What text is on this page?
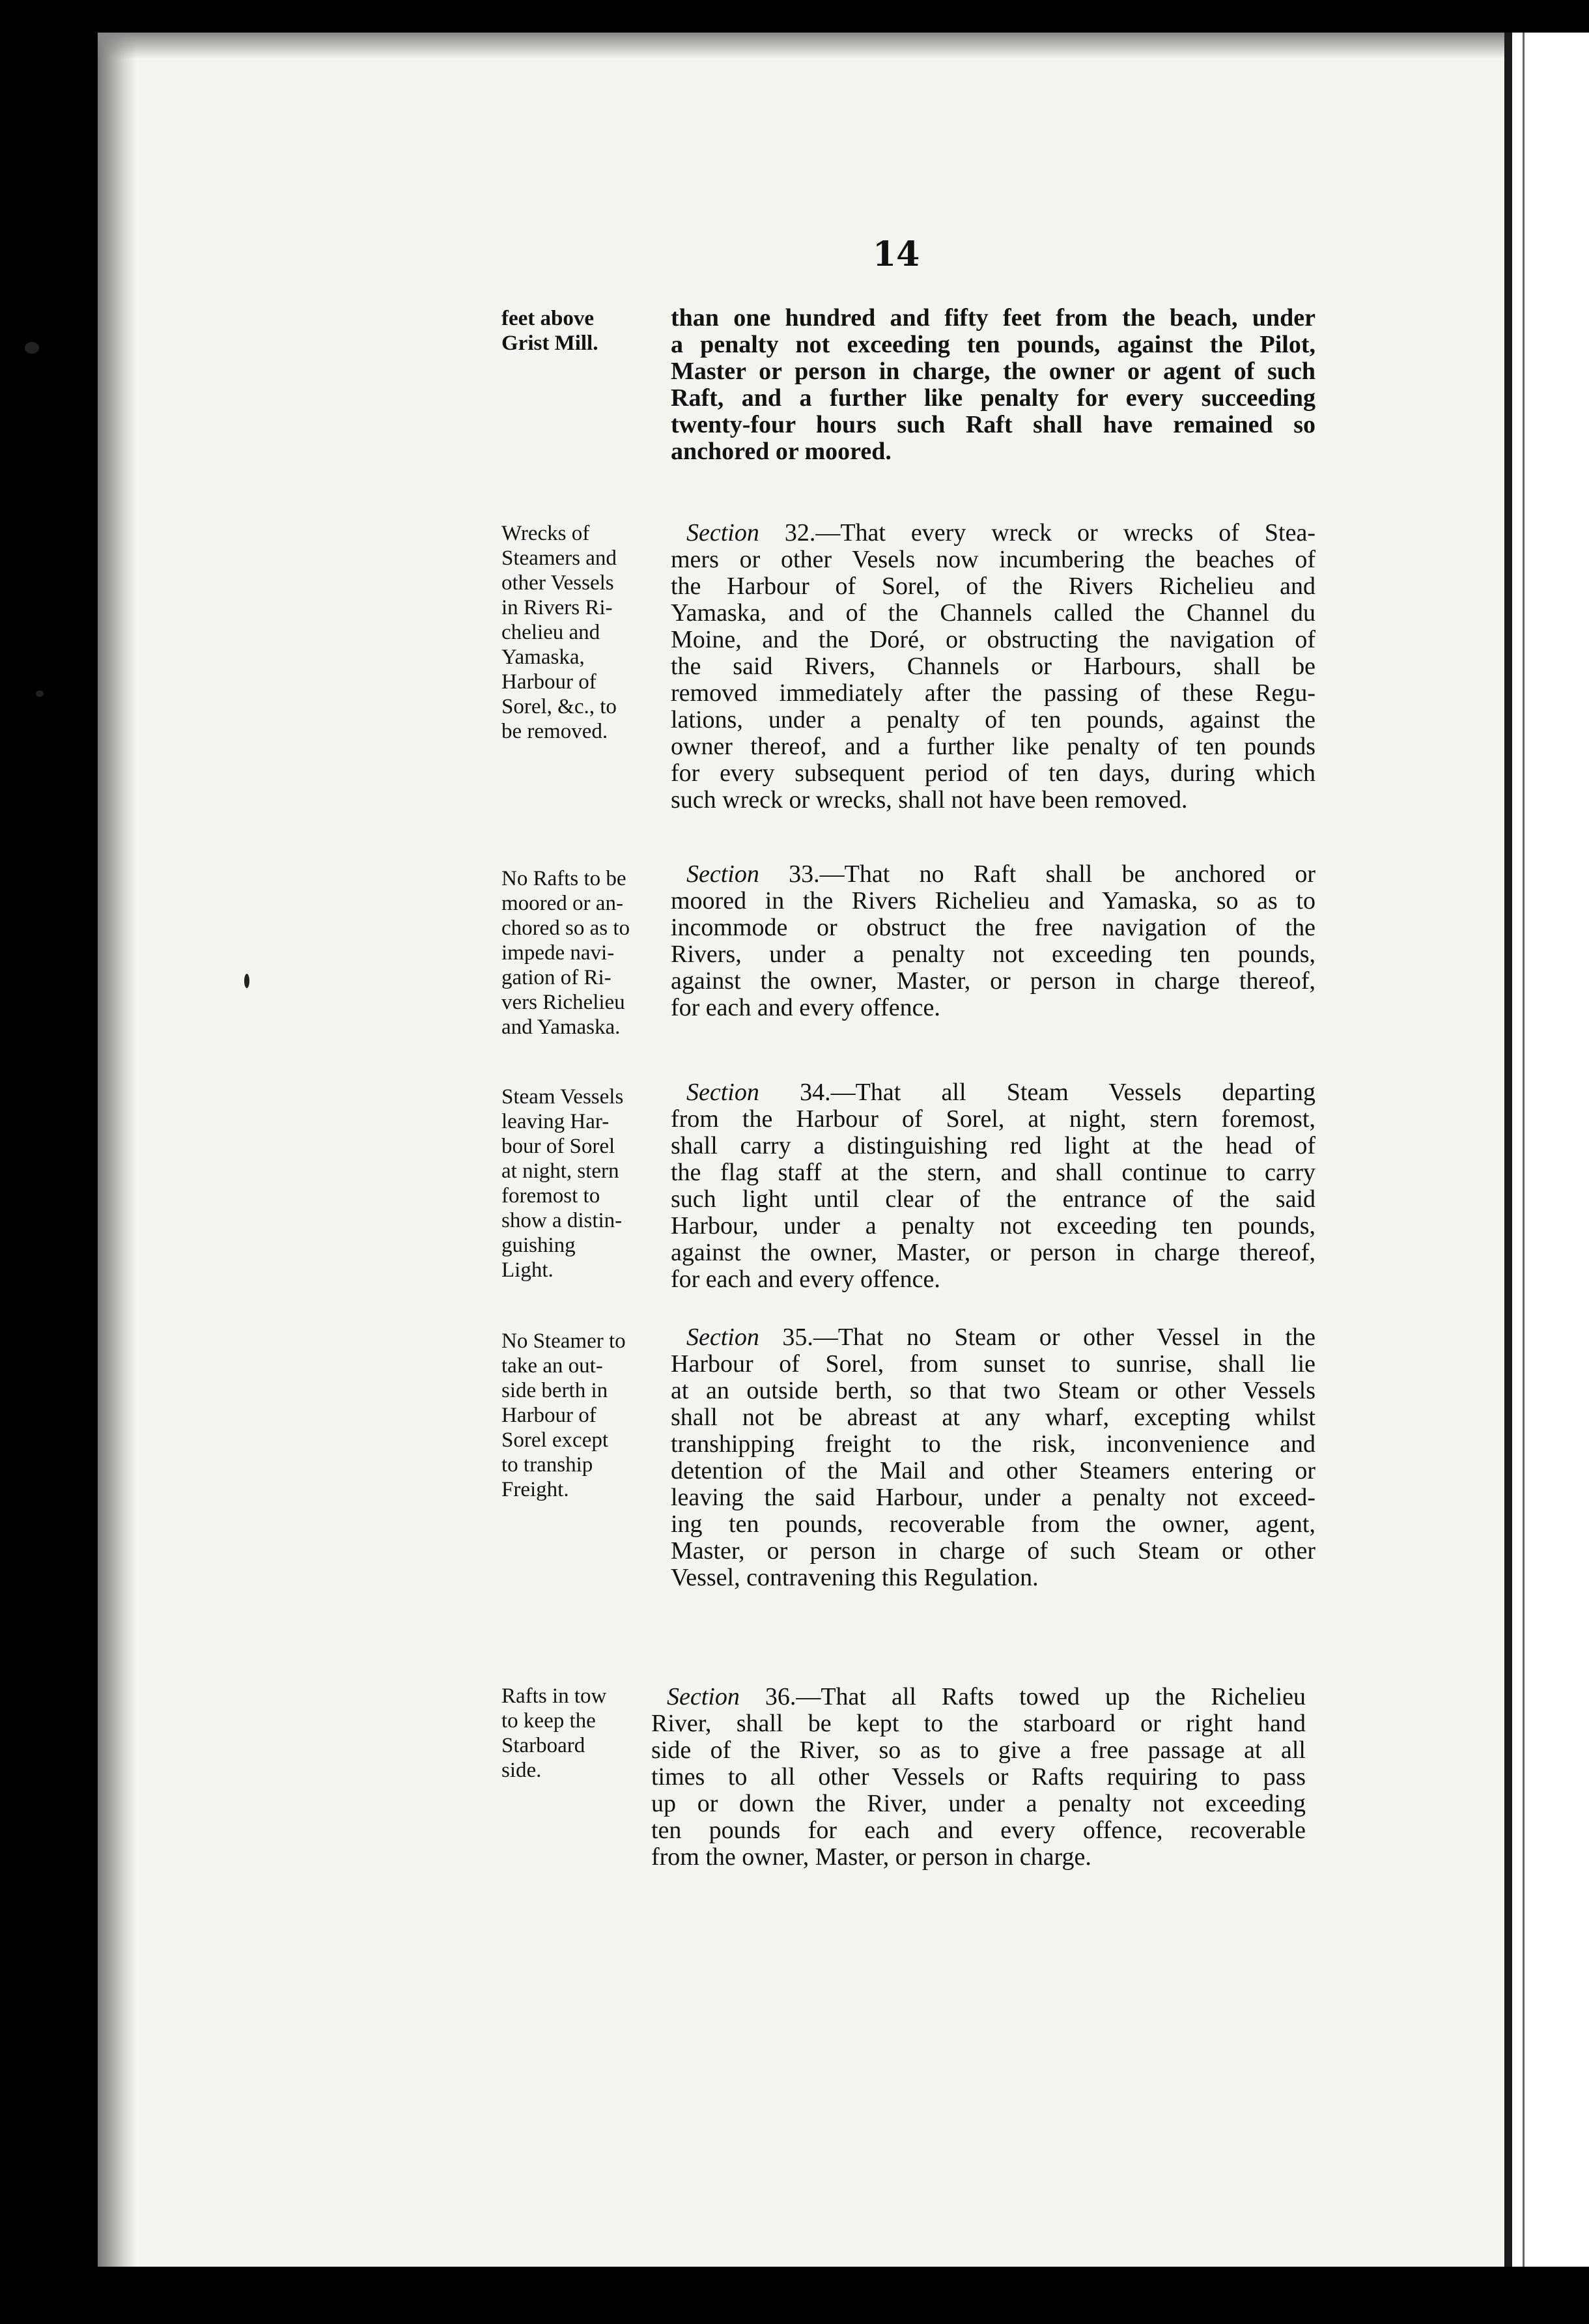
14
feet above
Grist Mill.
than one hundred and fifty feet from the beach, under
a penalty not exceeding ten pounds, against the Pilot,
Master or person in charge, the owner or agent of such
Raft, and a further like penalty for every succeeding
twenty-four hours such Raft shall have remained so
anchored or moored.
Wrecks of
Steamers and
other Vessels
in Rivers Ri-
chelieu and
Yamaska,
Harbour of
Sorel, &c., to
be removed.
Section 32.—That every wreck or wrecks of Stea-
mers or other Vesels now incumbering the beaches of
the Harbour of Sorel, of the Rivers Richelieu and
Yamaska, and of the Channels called the Channel du
Moine, and the Doré, or obstructing the navigation of
the said Rivers, Channels or Harbours, shall be
removed immediately after the passing of these Regu-
lations, under a penalty of ten pounds, against the
owner thereof, and a further like penalty of ten pounds
for every subsequent period of ten days, during which
such wreck or wrecks, shall not have been removed.
No Rafts to be
moored or an-
chored so as to
impede navi-
gation of Ri-
vers Richelieu
and Yamaska.
Section 33.—That no Raft shall be anchored or
moored in the Rivers Richelieu and Yamaska, so as to
incommode or obstruct the free navigation of the
Rivers, under a penalty not exceeding ten pounds,
against the owner, Master, or person in charge thereof,
for each and every offence.
Steam Vessels
leaving Har-
bour of Sorel
at night, stern
foremost to
show a distin-
guishing
Light.
Section 34.—That all Steam Vessels departing
from the Harbour of Sorel, at night, stern foremost,
shall carry a distinguishing red light at the head of
the flag staff at the stern, and shall continue to carry
such light until clear of the entrance of the said
Harbour, under a penalty not exceeding ten pounds,
against the owner, Master, or person in charge thereof,
for each and every offence.
No Steamer to
take an out-
side berth in
Harbour of
Sorel except
to tranship
Freight.
Section 35.—That no Steam or other Vessel in the
Harbour of Sorel, from sunset to sunrise, shall lie
at an outside berth, so that two Steam or other Vessels
shall not be abreast at any wharf, excepting whilst
transhipping freight to the risk, inconvenience and
detention of the Mail and other Steamers entering or
leaving the said Harbour, under a penalty not exceed-
ing ten pounds, recoverable from the owner, agent,
Master, or person in charge of such Steam or other
Vessel, contravening this Regulation.
Rafts in tow
to keep the
Starboard
side.
Section 36.—That all Rafts towed up the Richelieu
River, shall be kept to the starboard or right hand
side of the River, so as to give a free passage at all
times to all other Vessels or Rafts requiring to pass
up or down the River, under a penalty not exceeding
ten pounds for each and every offence, recoverable
from the owner, Master, or person in charge.
